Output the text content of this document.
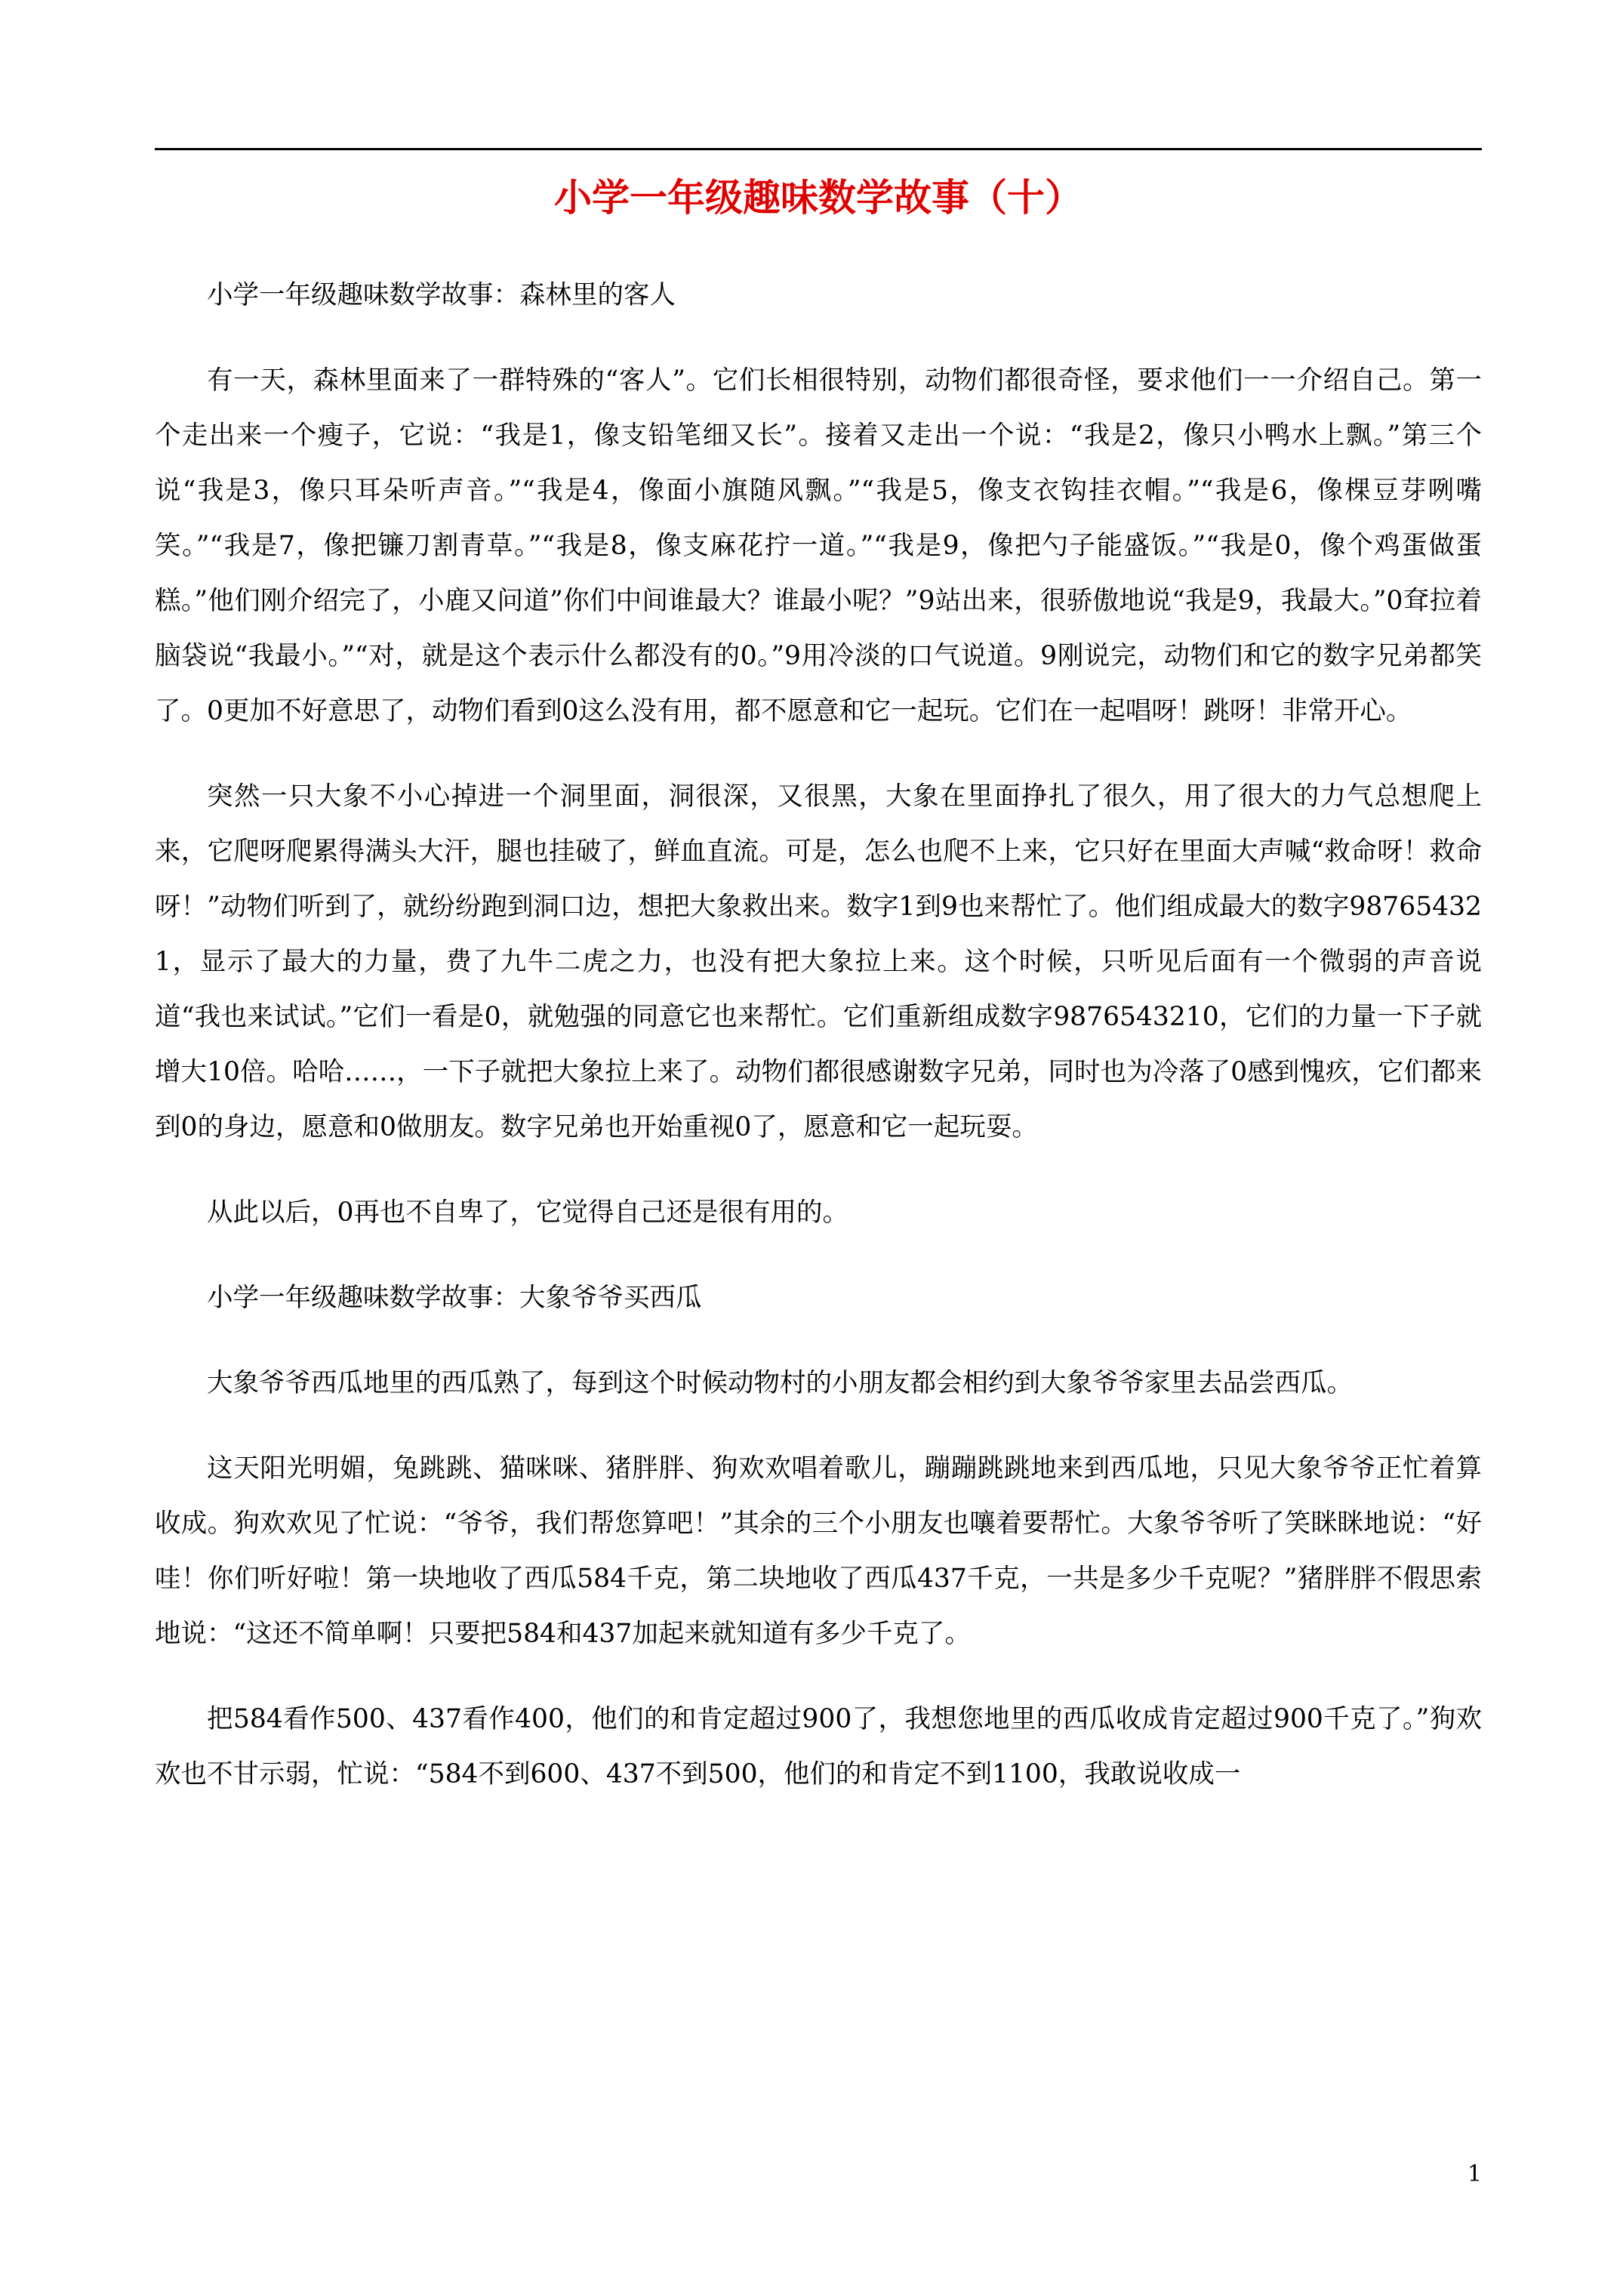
小学一年级趣味数学故事（十）

小学一年级趣味数学故事：森林里的客人

有一天，森林里面来了一群特殊的“客人”。它们长相很特别，动物们都很奇怪，要求他们一一介绍自己。第一个走出来一个瘦子，它说：“我是1，像支铅笔细又长”。接着又走出一个说：“我是2，像只小鸭水上飘。”第三个说“我是3，像只耳朵听声音。”“我是4，像面小旗随风飘。”“我是5，像支衣钩挂衣帽。”“我是6，像棵豆芽咧嘴笑。”“我是7，像把镰刀割青草。”“我是8，像支麻花拧一道。”“我是9，像把勺子能盛饭。”“我是0，像个鸡蛋做蛋糕。”他们刚介绍完了，小鹿又问道”你们中间谁最大？谁最小呢？”9站出来，很骄傲地说“我是9，我最大。”0耷拉着脑袋说“我最小。”“对，就是这个表示什么都没有的0。”9用冷淡的口气说道。9刚说完，动物们和它的数字兄弟都笑了。0更加不好意思了，动物们看到0这么没有用，都不愿意和它一起玩。它们在一起唱呀！跳呀！非常开心。

突然一只大象不小心掉进一个洞里面，洞很深，又很黑，大象在里面挣扎了很久，用了很大的力气总想爬上来，它爬呀爬累得满头大汗，腿也挂破了，鲜血直流。可是，怎么也爬不上来，它只好在里面大声喊“救命呀！救命呀！”动物们听到了，就纷纷跑到洞口边，想把大象救出来。数字1到9也来帮忙了。他们组成最大的数字987654321，显示了最大的力量，费了九牛二虎之力，也没有把大象拉上来。这个时候，只听见后面有一个微弱的声音说道“我也来试试。”它们一看是0，就勉强的同意它也来帮忙。它们重新组成数字9876543210，它们的力量一下子就增大10倍。哈哈……，一下子就把大象拉上来了。动物们都很感谢数字兄弟，同时也为冷落了0感到愧疚，它们都来到0的身边，愿意和0做朋友。数字兄弟也开始重视0了，愿意和它一起玩耍。

从此以后，0再也不自卑了，它觉得自己还是很有用的。

小学一年级趣味数学故事：大象爷爷买西瓜

大象爷爷西瓜地里的西瓜熟了，每到这个时候动物村的小朋友都会相约到大象爷爷家里去品尝西瓜。

这天阳光明媚，兔跳跳、猫咪咪、猪胖胖、狗欢欢唱着歌儿，蹦蹦跳跳地来到西瓜地，只见大象爷爷正忙着算收成。狗欢欢见了忙说：“爷爷，我们帮您算吧！”其余的三个小朋友也嚷着要帮忙。大象爷爷听了笑眯眯地说：“好哇！你们听好啦！第一块地收了西瓜584千克，第二块地收了西瓜437千克，一共是多少千克呢？”猪胖胖不假思索地说：“这还不简单啊！只要把584和437加起来就知道有多少千克了。

把584看作500、437看作400，他们的和肯定超过900了，我想您地里的西瓜收成肯定超过900千克了。”狗欢欢也不甘示弱，忙说：“584不到600、437不到500，他们的和肯定不到1100，我敢说收成一

1
